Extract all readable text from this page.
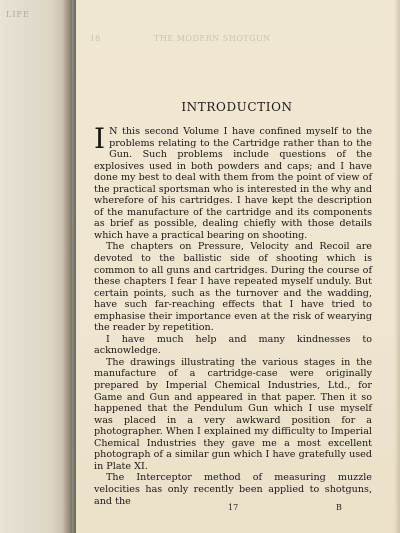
LIFE
18	THE MODERN SHOTGUN
INTRODUCTION

I N this second Volume I have confined myself to the problems relating to the Cartridge rather than to the Gun. Such problems include questions of the explosives used in both powders and caps; and I have done my best to deal with them from the point of view of the practical sportsman who is interested in the why and wherefore of his cartridges. I have kept the description of the manufacture of the cartridge and its components as brief as possible, dealing chiefly with those details which have a practical bearing on shooting.

The chapters on Pressure, Velocity and Recoil are devoted to the ballistic side of shooting which is common to all guns and cartridges. During the course of these chapters I fear I have repeated myself unduly. But certain points, such as the turnover and the wadding, have such far-reaching effects that I have tried to emphasise their importance even at the risk of wearying the reader by repetition.

I have much help and many kindnesses to acknowledge.

The drawings illustrating the various stages in the manufacture of a cartridge-case were originally prepared by Imperial Chemical Industries, Ltd., for Game and Gun and appeared in that paper. Then it so happened that the Pendulum Gun which I use myself was placed in a very awkward position for a photographer. When I explained my difficulty to Imperial Chemical Industries they gave me a most excellent photograph of a similar gun which I have gratefully used in Plate XI.

The Interceptor method of measuring muzzle velocities has only recently been applied to shotguns, and the

17	B
